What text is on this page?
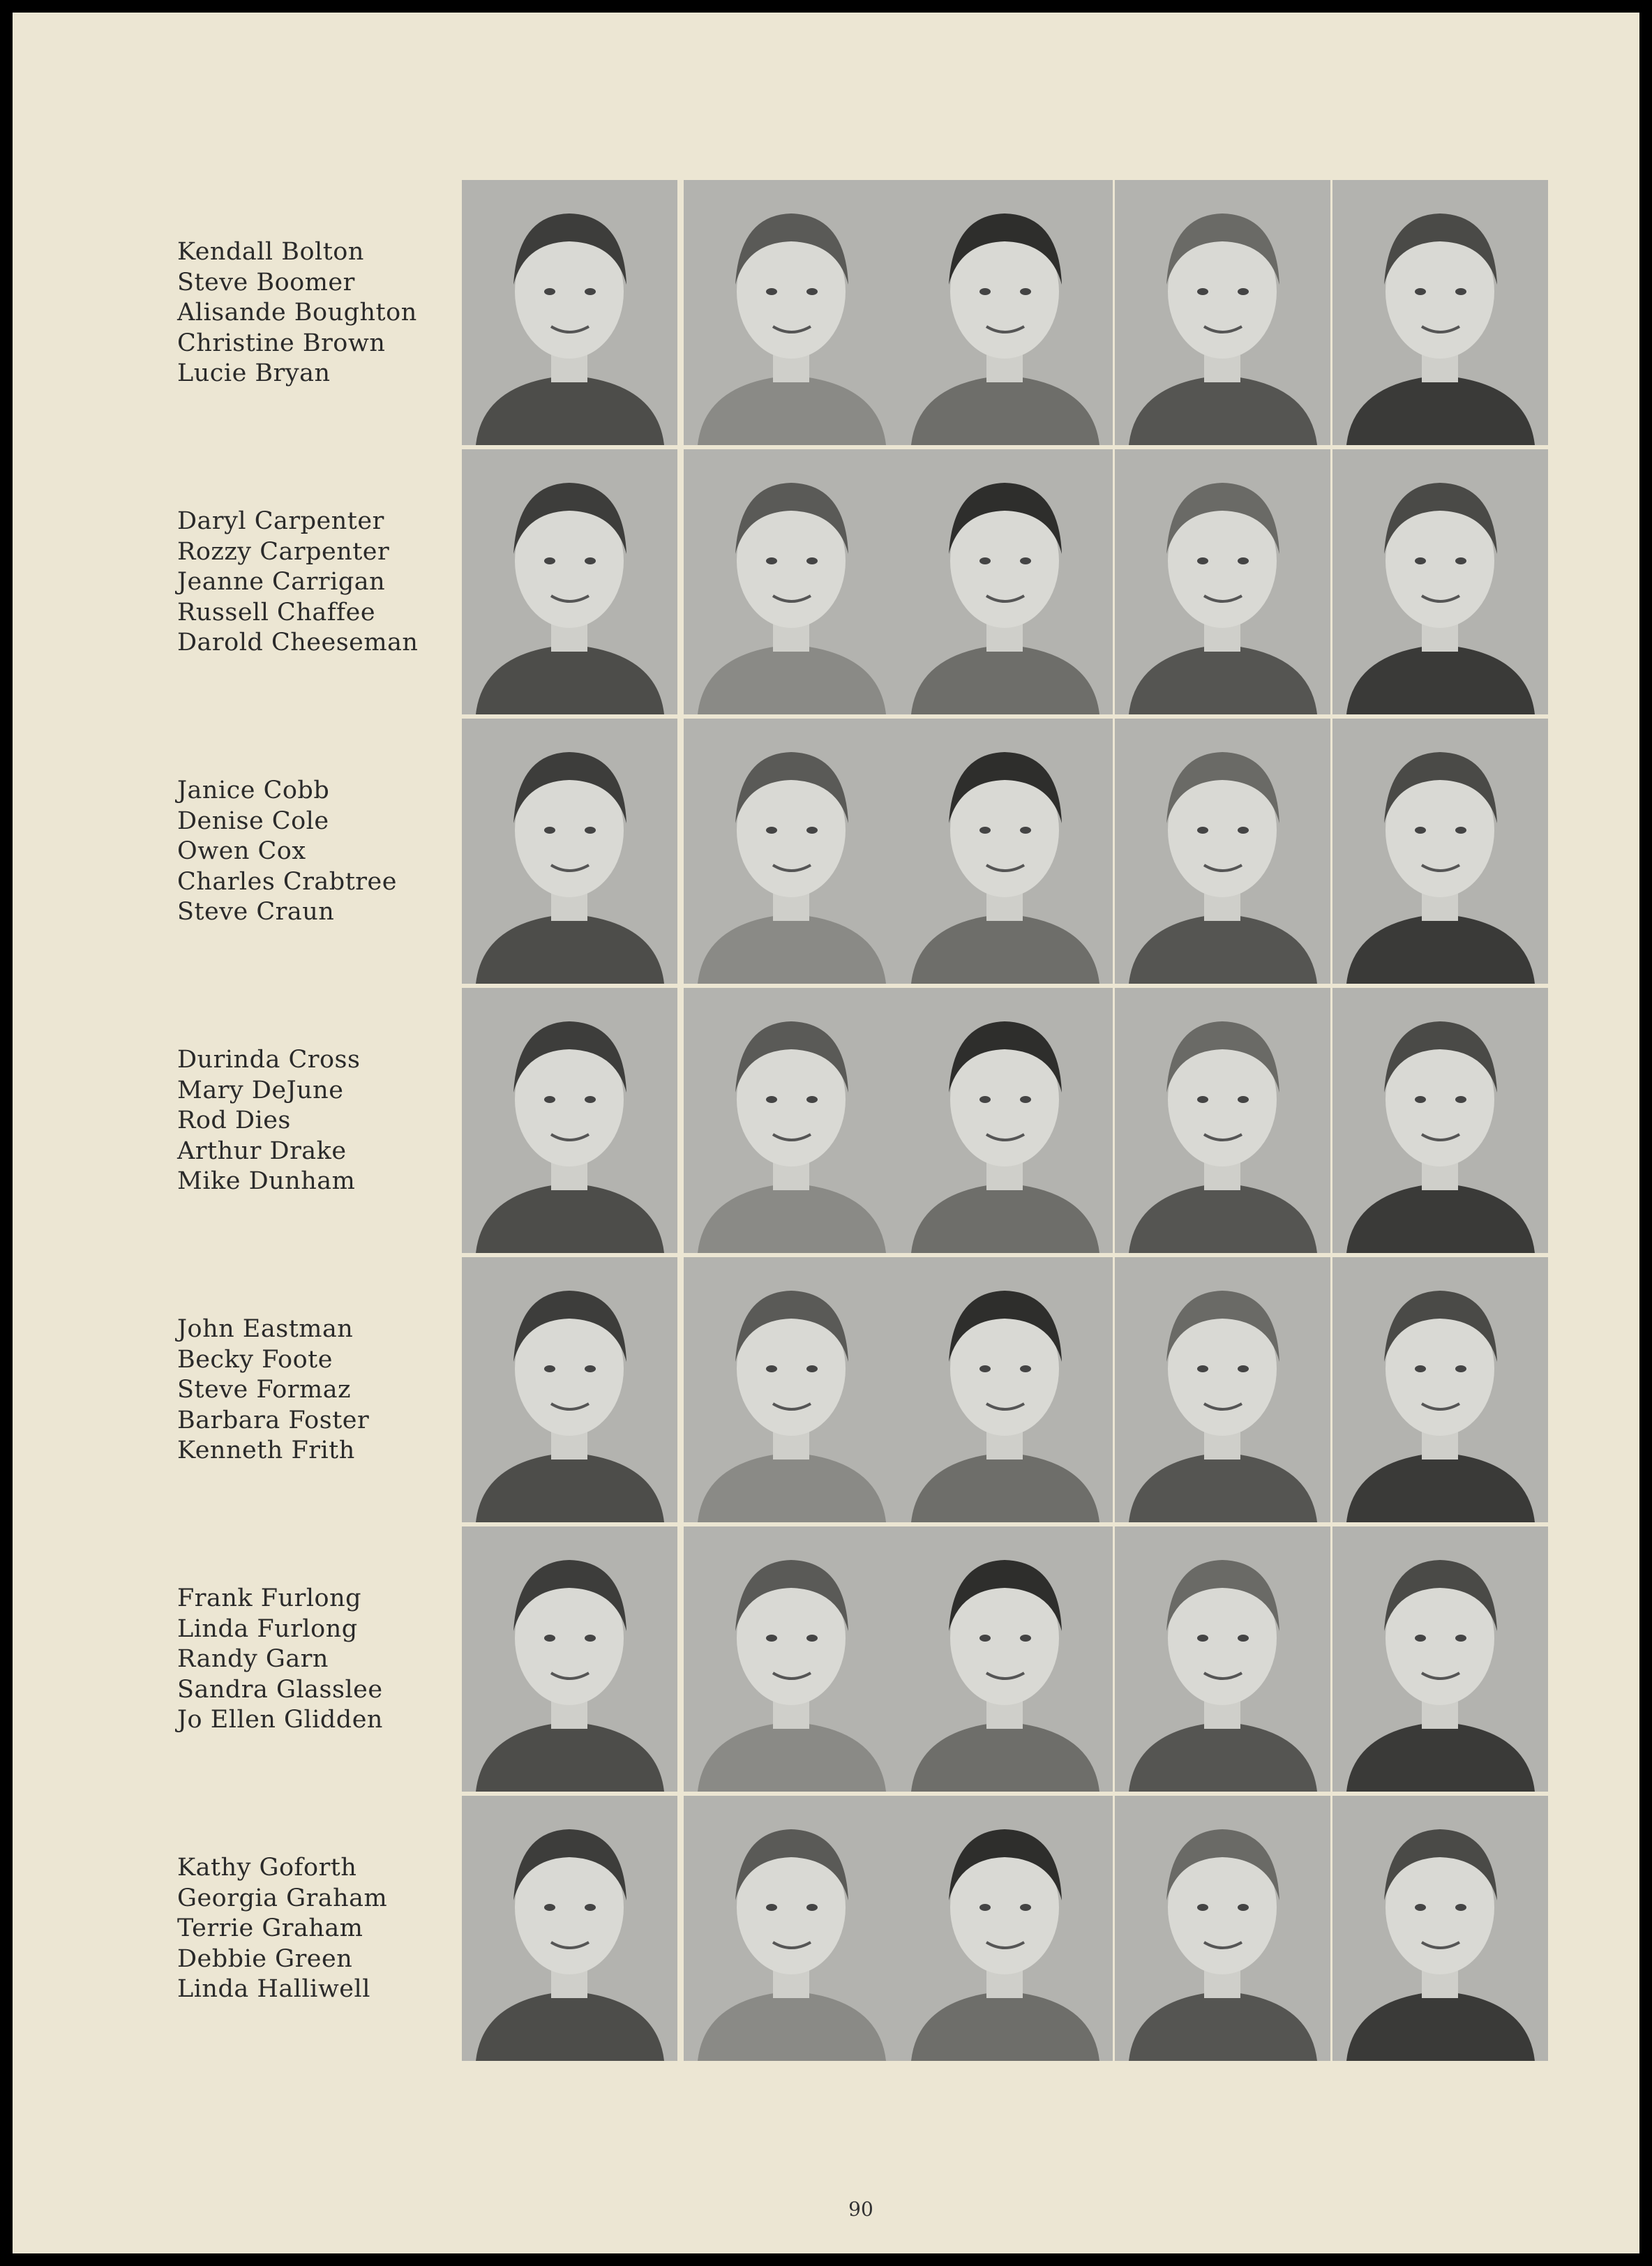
Kendall Bolton
Steve Boomer
Alisande Boughton
Christine Brown
Lucie Bryan
Daryl Carpenter
Rozzy Carpenter
Jeanne Carrigan
Russell Chaffee
Darold Cheeseman
Janice Cobb
Denise Cole
Owen Cox
Charles Crabtree
Steve Craun
Durinda Cross
Mary DeJune
Rod Dies
Arthur Drake
Mike Dunham
John Eastman
Becky Foote
Steve Formaz
Barbara Foster
Kenneth Frith
Frank Furlong
Linda Furlong
Randy Garn
Sandra Glasslee
Jo Ellen Glidden
Kathy Goforth
Georgia Graham
Terrie Graham
Debbie Green
Linda Halliwell
90
